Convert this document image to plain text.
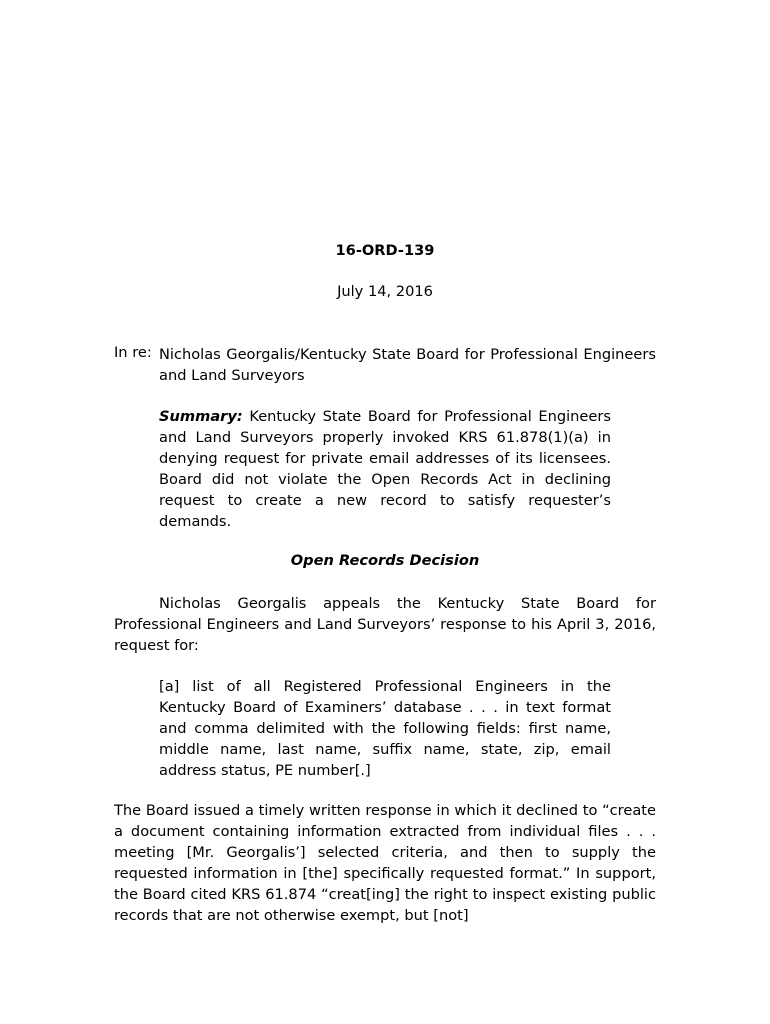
16-ORD-139
July 14, 2016
In re: Nicholas Georgalis/Kentucky State Board for Professional Engineers and Land Surveyors
Summary: Kentucky State Board for Professional Engineers and Land Surveyors properly invoked KRS 61.878(1)(a) in denying request for private email addresses of its licensees. Board did not violate the Open Records Act in declining request to create a new record to satisfy requester’s demands.
Open Records Decision
Nicholas Georgalis appeals the Kentucky State Board for Professional Engineers and Land Surveyors’ response to his April 3, 2016, request for:
[a] list of all Registered Professional Engineers in the Kentucky Board of Examiners’ database . . . in text format and comma delimited with the following fields: first name, middle name, last name, suffix name, state, zip, email address status, PE number[.]
The Board issued a timely written response in which it declined to “create a document containing information extracted from individual files . . . meeting [Mr. Georgalis’] selected criteria, and then to supply the requested information in [the] specifically requested format.” In support, the Board cited KRS 61.874 “creat[ing] the right to inspect existing public records that are not otherwise exempt, but [not]
